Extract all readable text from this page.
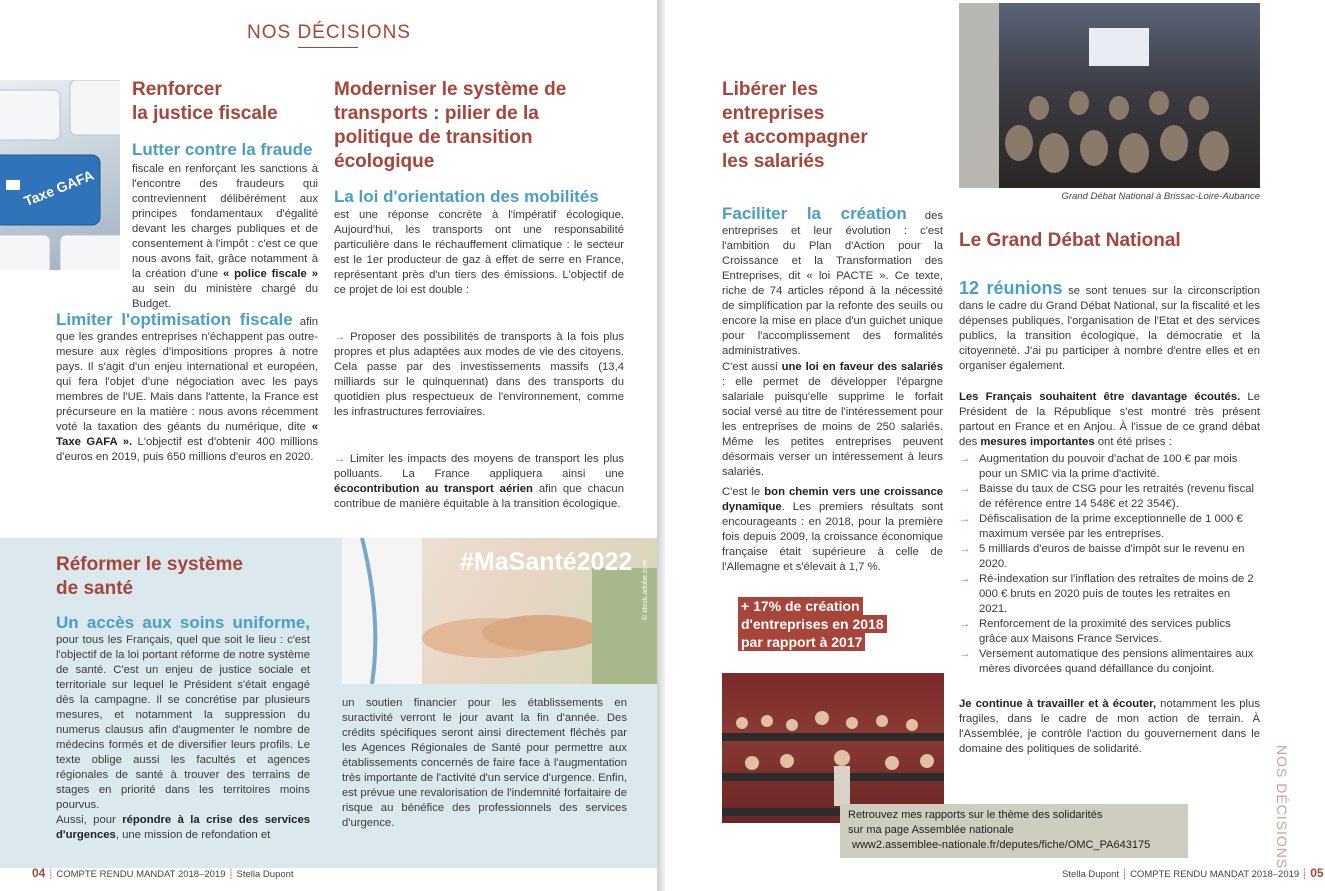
NOS DÉCISIONS
Taxe GAFA
Renforcer
la justice fiscale
Lutter contre la fraude
fiscale en renforçant les sanctions à l'encontre des fraudeurs qui contreviennent délibérément aux principes fondamentaux d'égalité devant les charges publiques et de consentement à l'impôt : c'est ce que nous avons fait, grâce notamment à la création d'une « police fiscale » au sein du ministère chargé du Budget.
Limiter l'optimisation fiscale afin que les grandes entreprises n'échappent pas outre-mesure aux règles d'impositions propres à notre pays. Il s'agit d'un enjeu international et européen, qui fera l'objet d'une négociation avec les pays membres de l'UE. Mais dans l'attente, la France est précurseure en la matière : nous avons récemment voté la taxation des géants du numérique, dite « Taxe GAFA ». L'objectif est d'obtenir 400 millions d'euros en 2019, puis 650 millions d'euros en 2020.
Moderniser le système de transports : pilier de la politique de transition écologique
La loi d'orientation des mobilités
est une réponse concrète à l'impératif écologique. Aujourd'hui, les transports ont une responsabilité particulière dans le réchauffement climatique : le secteur est le 1er producteur de gaz à effet de serre en France, représentant près d'un tiers des émissions. L'objectif de ce projet de loi est double :
→ Proposer des possibilités de transports à la fois plus propres et plus adaptées aux modes de vie des citoyens. Cela passe par des investissements massifs (13,4 milliards sur le quinquennat) dans des transports du quotidien plus respectueux de l'environnement, comme les infrastructures ferroviaires.
→ Limiter les impacts des moyens de transport les plus polluants. La France appliquera ainsi une écocontribution au transport aérien afin que chacun contribue de manière équitable à la transition écologique.
Réformer le système
de santé
Un accès aux soins uniforme, pour tous les Français, quel que soit le lieu : c'est l'objectif de la loi portant réforme de notre système de santé. C'est un enjeu de justice sociale et territoriale sur lequel le Président s'était engagé dès la campagne. Il se concrétise par plusieurs mesures, et notamment la suppression du numerus clausus afin d'augmenter le nombre de médecins formés et de diversifier leurs profils. Le texte oblige aussi les facultés et agences régionales de santé à trouver des terrains de stages en priorité dans les territoires moins pourvus.
Aussi, pour répondre à la crise des services d'urgences, une mission de refondation et
#MaSanté2022 © stock.adobe.com
un soutien financier pour les établissements en suractivité verront le jour avant la fin d'année. Des crédits spécifiques seront ainsi directement fléchés par les Agences Régionales de Santé pour permettre aux établissements concernés de faire face à l'augmentation très importante de l'activité d'un service d'urgence. Enfin, est prévue une revalorisation de l'indemnité forfaitaire de risque au bénéfice des professionnels des services d'urgence.
04 ┊ COMPTE RENDU MANDAT 2018–2019 ┊ Stella Dupont
Libérer les
entreprises
et accompagner
les salariés
Faciliter la création des entreprises et leur évolution : c'est l'ambition du Plan d'Action pour la Croissance et la Transformation des Entreprises, dit « loi PACTE ». Ce texte, riche de 74 articles répond à la nécessité de simplification par la refonte des seuils ou encore la mise en place d'un guichet unique pour l'accomplissement des formalités administratives.
C'est aussi une loi en faveur des salariés : elle permet de développer l'épargne salariale puisqu'elle supprime le forfait social versé au titre de l'intéressement pour les entreprises de moins de 250 salariés. Même les petites entreprises peuvent désormais verser un intéressement à leurs salariés.
C'est le bon chemin vers une croissance dynamique. Les premiers résultats sont encourageants : en 2018, pour la première fois depuis 2009, la croissance économique française était supérieure à celle de l'Allemagne et s'élevait à 1,7 %.
+ 17% de création
d'entreprises en 2018
par rapport à 2017
Grand Débat National à Brissac-Loire-Aubance
Le Grand Débat National
12 réunions se sont tenues sur la circonscription dans le cadre du Grand Débat National, sur la fiscalité et les dépenses publiques, l'organisation de l'Etat et des services publics, la transition écologique, la démocratie et la citoyenneté. J'ai pu participer à nombre d'entre elles et en organiser également.
Les Français souhaitent être davantage écoutés. Le Président de la République s'est montré très présent partout en France et en Anjou. À l'issue de ce grand débat des mesures importantes ont été prises :
→ Augmentation du pouvoir d'achat de 100 € par mois pour un SMIC via la prime d'activité.
→ Baisse du taux de CSG pour les retraités (revenu fiscal de référence entre 14 548€ et 22 354€).
→ Défiscalisation de la prime exceptionnelle de 1 000 € maximum versée par les entreprises.
→ 5 milliards d'euros de baisse d'impôt sur le revenu en 2020.
→ Ré-indexation sur l'inflation des retraites de moins de 2 000 € bruts en 2020 puis de toutes les retraites en 2021.
→ Renforcement de la proximité des services publics grâce aux Maisons France Services.
→ Versement automatique des pensions alimentaires aux mères divorcées quand défaillance du conjoint.
Je continue à travailler et à écouter, notamment les plus fragiles, dans le cadre de mon action de terrain. À l'Assemblée, je contrôle l'action du gouvernement dans le domaine des politiques de solidarité.
Retrouvez mes rapports sur le thème des solidarités
sur ma page Assemblée nationale
www2.assemblee-nationale.fr/deputes/fiche/OMC_PA643175	NOS DÉCISIONS
Stella Dupont ┊ COMPTE RENDU MANDAT 2018–2019 ┊ 05
